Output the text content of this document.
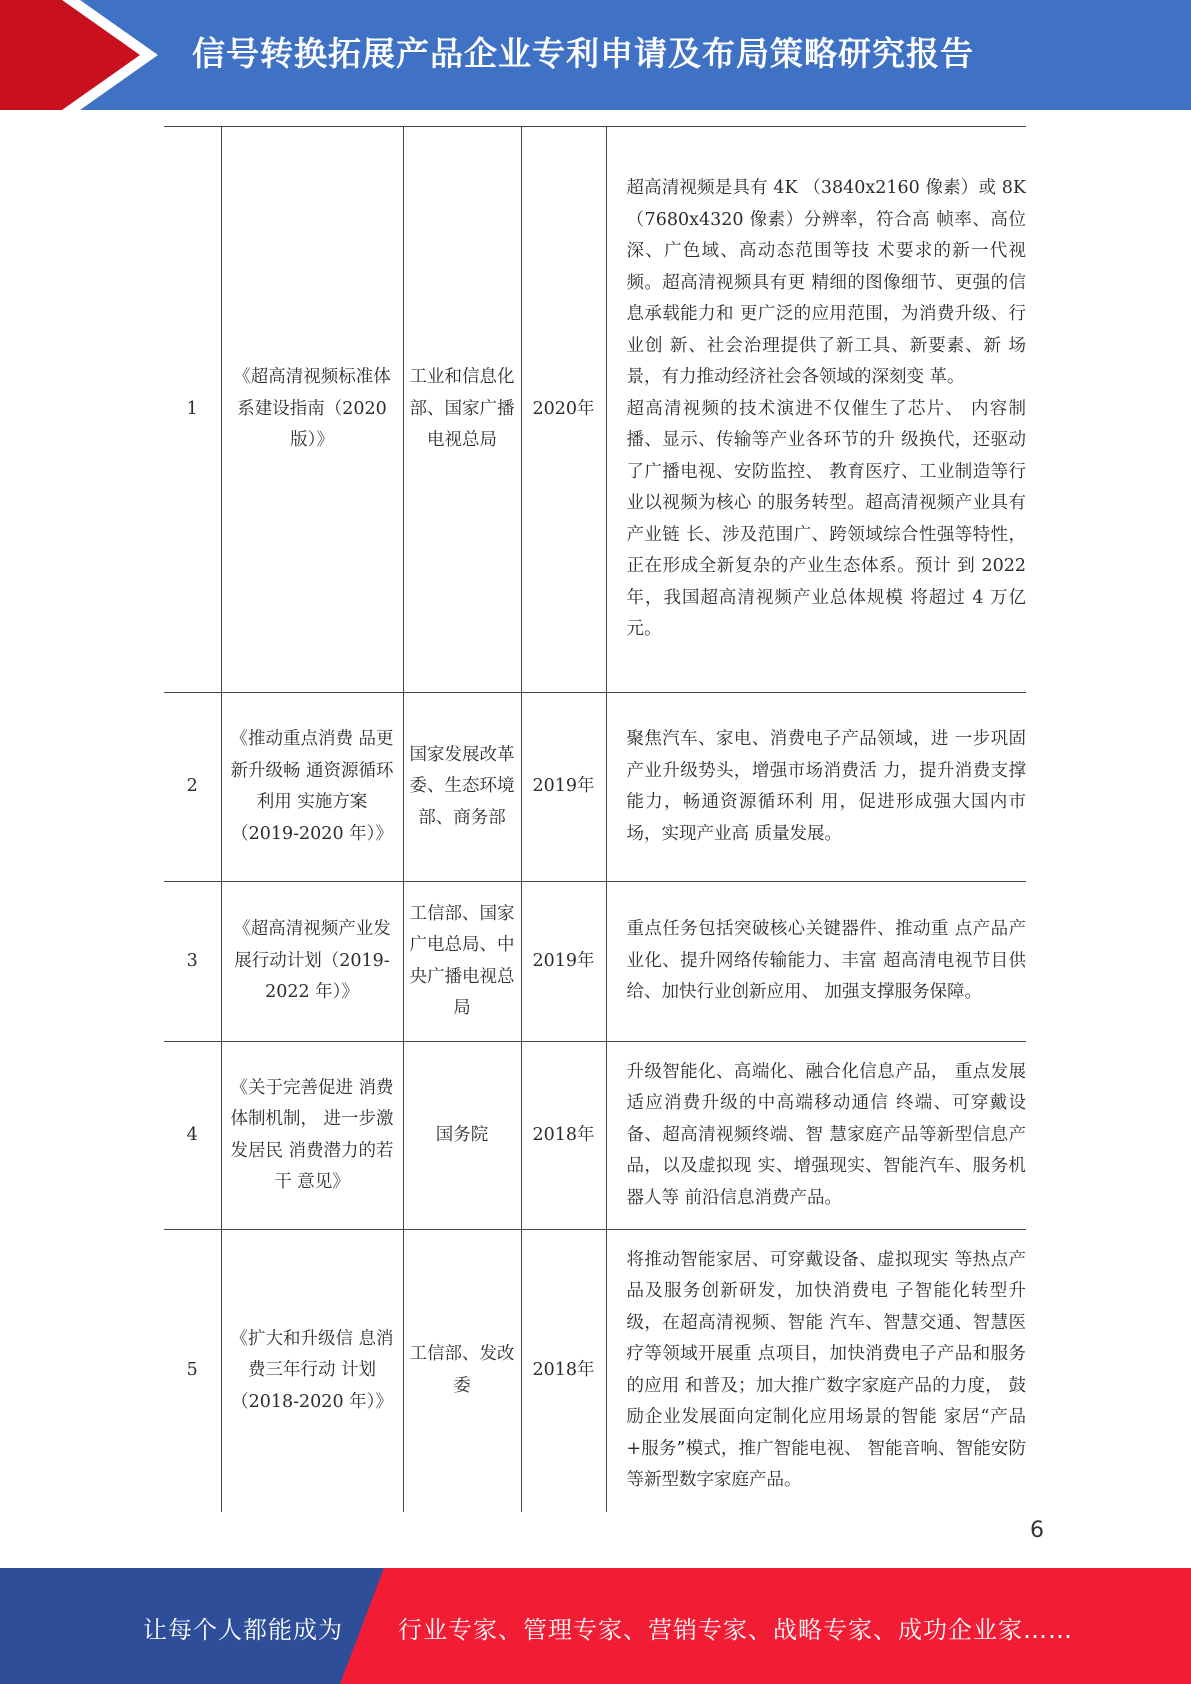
信号转换拓展产品企业专利申请及布局策略研究报告
1	《超高清视频标准体系建设指南（2020 版）》	工业和信息化部、国家广播电视总局	2020年	超高清视频是具有 4K （3840x2160 像素）或 8K（7680x4320 像素）分辨率，符合高 帧率、高位深、广色域、高动态范围等技 术要求的新一代视频。超高清视频具有更 精细的图像细节、更强的信息承载能力和 更广泛的应用范围，为消费升级、行业创 新、社会治理提供了新工具、新要素、新 场景，有力推动经济社会各领域的深刻变 革。

超高清视频的技术演进不仅催生了芯片、 内容制播、显示、传输等产业各环节的升 级换代，还驱动了广播电视、安防监控、 教育医疗、工业制造等行业以视频为核心 的服务转型。超高清视频产业具有产业链 长、涉及范围广、跨领域综合性强等特性， 正在形成全新复杂的产业生态体系。预计 到 2022 年，我国超高清视频产业总体规模 将超过 4 万亿元。

2	《推动重点消费 品更新升级畅 通资源循环利用 实施方案（2019-2020 年）》	国家发展改革委、生态环境部、商务部	2019年	聚焦汽车、家电、消费电子产品领域，进 一步巩固产业升级势头，增强市场消费活 力，提升消费支撑能力，畅通资源循环利 用，促进形成强大国内市场，实现产业高 质量发展。

3	《超高清视频产业发展行动计划（2019-2022 年）》	工信部、国家广电总局、中央广播电视总局	2019年	重点任务包括突破核心关键器件、推动重 点产品产业化、提升网络传输能力、丰富 超高清电视节目供给、加快行业创新应用、 加强支撑服务保障。

4	《关于完善促进 消费体制机制， 进一步激发居民 消费潜力的若干 意见》	国务院	2018年	升级智能化、高端化、融合化信息产品， 重点发展适应消费升级的中高端移动通信 终端、可穿戴设备、超高清视频终端、智 慧家庭产品等新型信息产品，以及虚拟现 实、增强现实、智能汽车、服务机器人等 前沿信息消费产品。

5	《扩大和升级信 息消费三年行动 计划（2018-2020 年）》	工信部、发改委	2018年	将推动智能家居、可穿戴设备、虚拟现实 等热点产品及服务创新研发，加快消费电 子智能化转型升级，在超高清视频、智能 汽车、智慧交通、智慧医疗等领域开展重 点项目，加快消费电子产品和服务的应用 和普及；加大推广数字家庭产品的力度， 鼓励企业发展面向定制化应用场景的智能 家居“产品+服务”模式，推广智能电视、 智能音响、智能安防等新型数字家庭产品。

6
让每个人都能成为 行业专家、管理专家、营销专家、战略专家、成功企业家……
